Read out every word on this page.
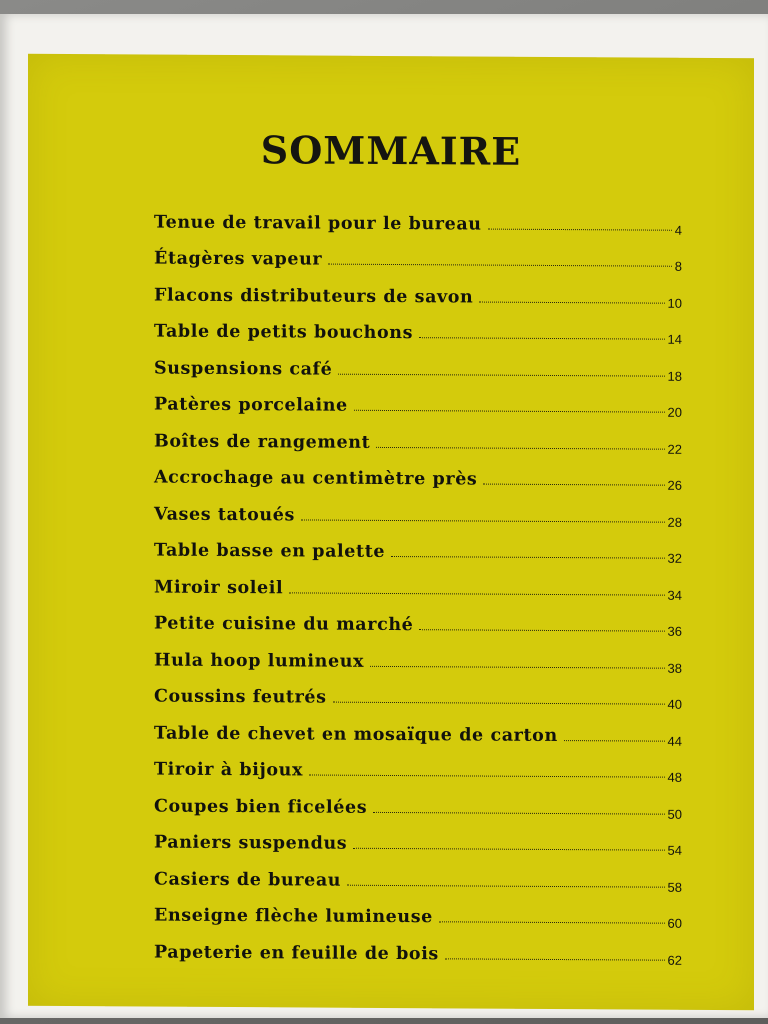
SOMMAIRE
Tenue de travail pour le bureau	4
Étagères vapeur	8
Flacons distributeurs de savon	10
Table de petits bouchons	14
Suspensions café	18
Patères porcelaine	20
Boîtes de rangement	22
Accrochage au centimètre près	26
Vases tatoués	28
Table basse en palette	32
Miroir soleil	34
Petite cuisine du marché	36
Hula hoop lumineux	38
Coussins feutrés	40
Table de chevet en mosaïque de carton	44
Tiroir à bijoux	48
Coupes bien ficelées	50
Paniers suspendus	54
Casiers de bureau	58
Enseigne flèche lumineuse	60
Papeterie en feuille de bois	62
